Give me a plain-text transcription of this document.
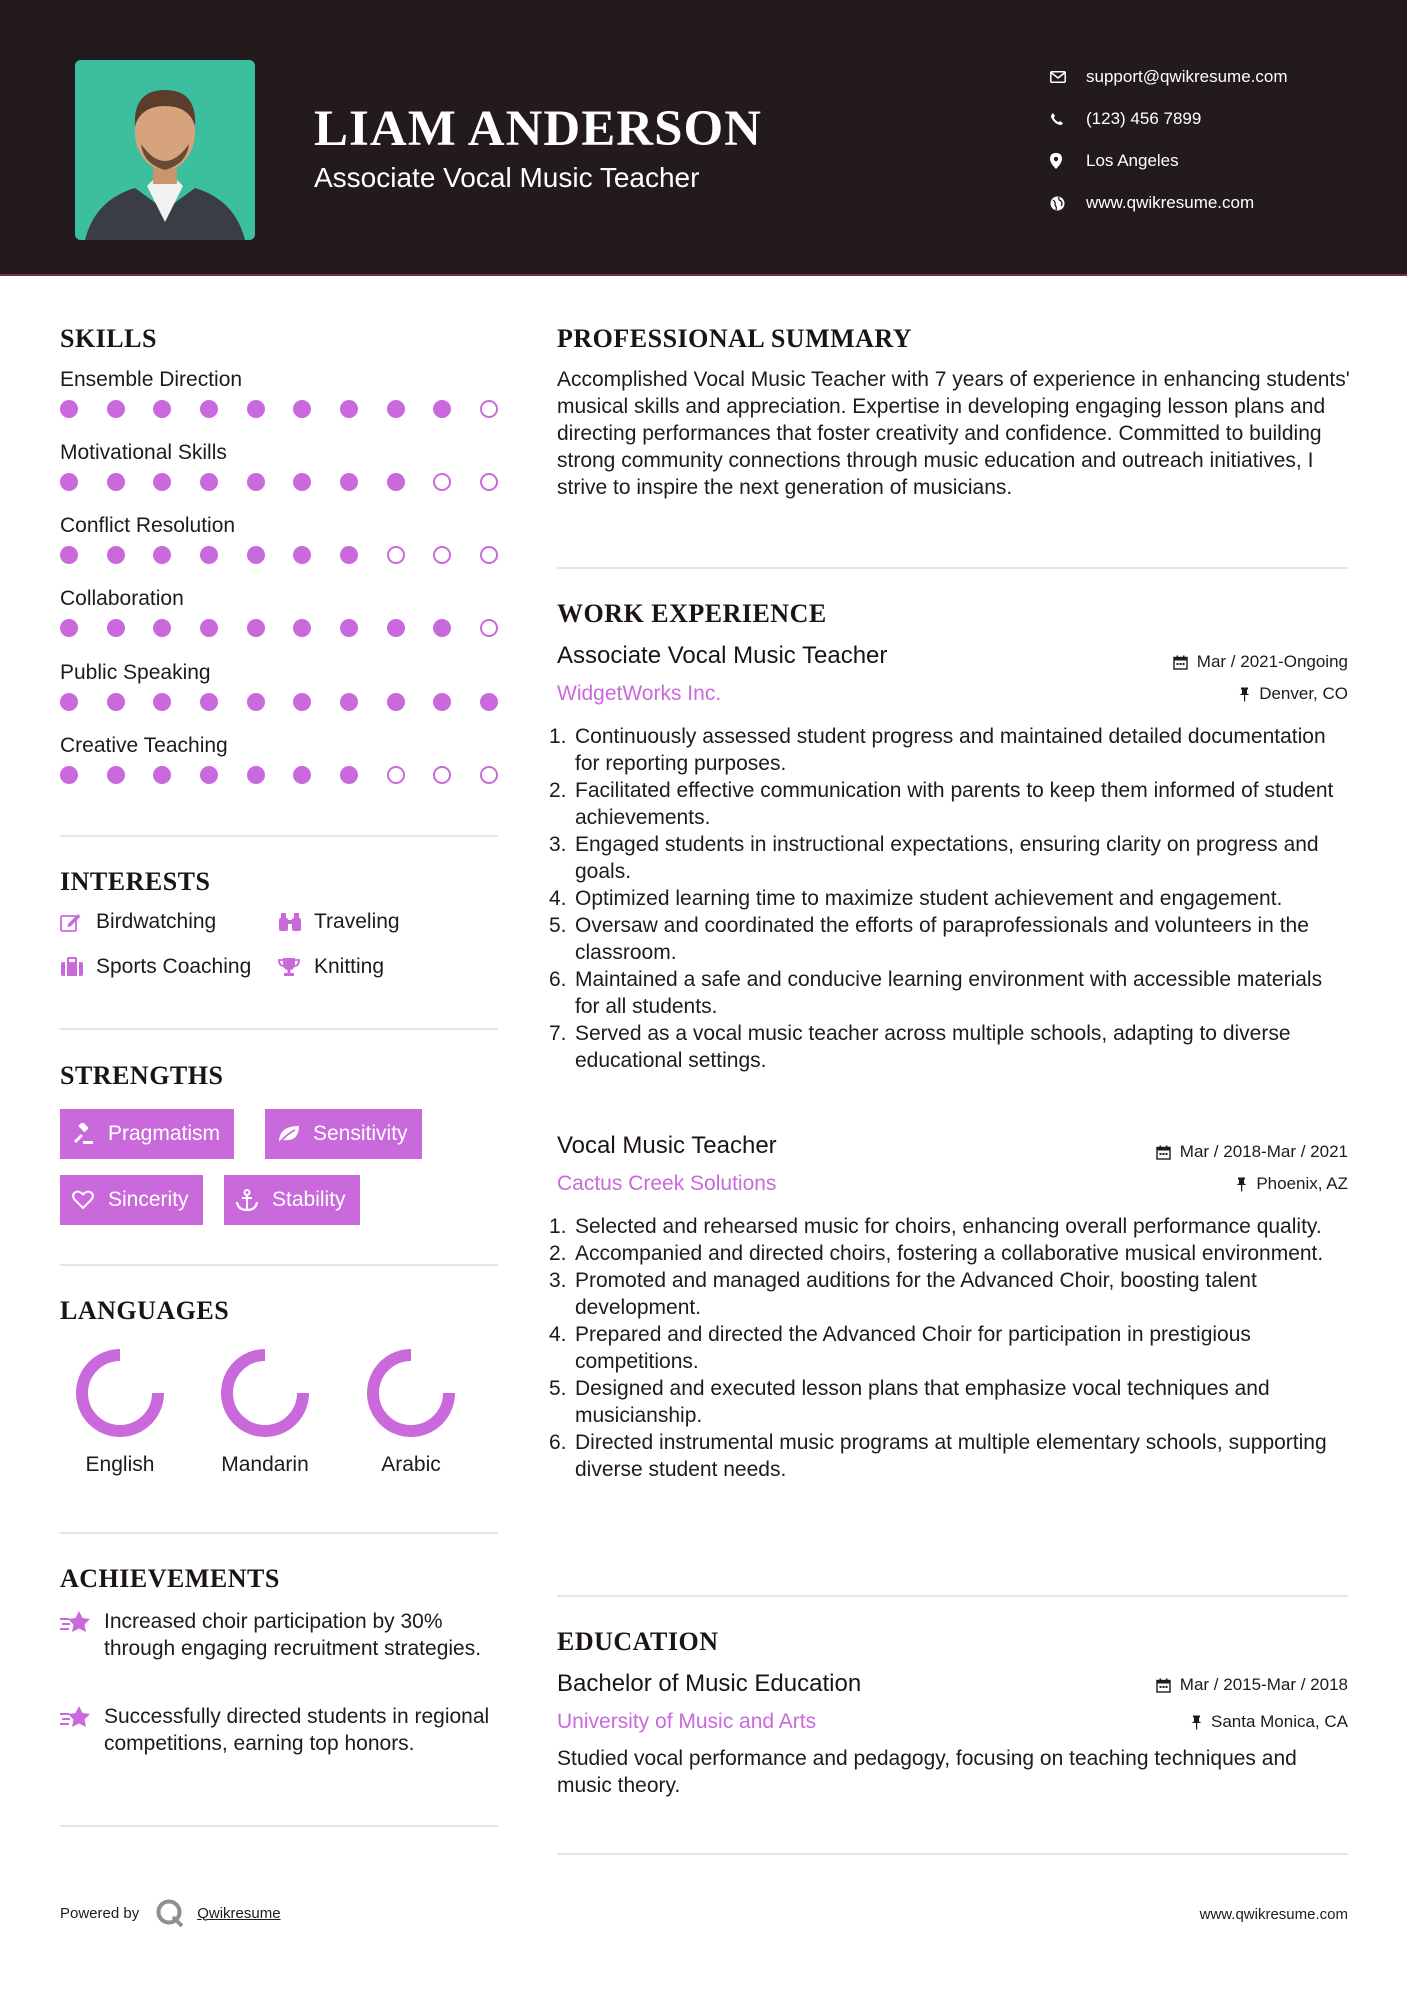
LIAM ANDERSON
Associate Vocal Music Teacher
support@qwikresume.com
(123) 456 7899
Los Angeles
www.qwikresume.com
SKILLS
Ensemble Direction
Motivational Skills
Conflict Resolution
Collaboration
Public Speaking
Creative Teaching
INTERESTS
Birdwatching	Traveling
Sports Coaching	Knitting
STRENGTHS
Pragmatism	Sensitivity
Sincerity	Stability
LANGUAGES
English	Mandarin	Arabic
ACHIEVEMENTS
Increased choir participation by 30% through engaging recruitment strategies.
Successfully directed students in regional competitions, earning top honors.
PROFESSIONAL SUMMARY
Accomplished Vocal Music Teacher with 7 years of experience in enhancing students' musical skills and appreciation. Expertise in developing engaging lesson plans and directing performances that foster creativity and confidence. Committed to building strong community connections through music education and outreach initiatives, I strive to inspire the next generation of musicians.
WORK EXPERIENCE
Associate Vocal Music Teacher	Mar / 2021-Ongoing
WidgetWorks Inc.	Denver, CO
1. Continuously assessed student progress and maintained detailed documentation for reporting purposes.
2. Facilitated effective communication with parents to keep them informed of student achievements.
3. Engaged students in instructional expectations, ensuring clarity on progress and goals.
4. Optimized learning time to maximize student achievement and engagement.
5. Oversaw and coordinated the efforts of paraprofessionals and volunteers in the classroom.
6. Maintained a safe and conducive learning environment with accessible materials for all students.
7. Served as a vocal music teacher across multiple schools, adapting to diverse educational settings.
Vocal Music Teacher	Mar / 2018-Mar / 2021
Cactus Creek Solutions	Phoenix, AZ
1. Selected and rehearsed music for choirs, enhancing overall performance quality.
2. Accompanied and directed choirs, fostering a collaborative musical environment.
3. Promoted and managed auditions for the Advanced Choir, boosting talent development.
4. Prepared and directed the Advanced Choir for participation in prestigious competitions.
5. Designed and executed lesson plans that emphasize vocal techniques and musicianship.
6. Directed instrumental music programs at multiple elementary schools, supporting diverse student needs.
EDUCATION
Bachelor of Music Education	Mar / 2015-Mar / 2018
University of Music and Arts	Santa Monica, CA
Studied vocal performance and pedagogy, focusing on teaching techniques and music theory.
Powered by	Qwikresume	www.qwikresume.com
